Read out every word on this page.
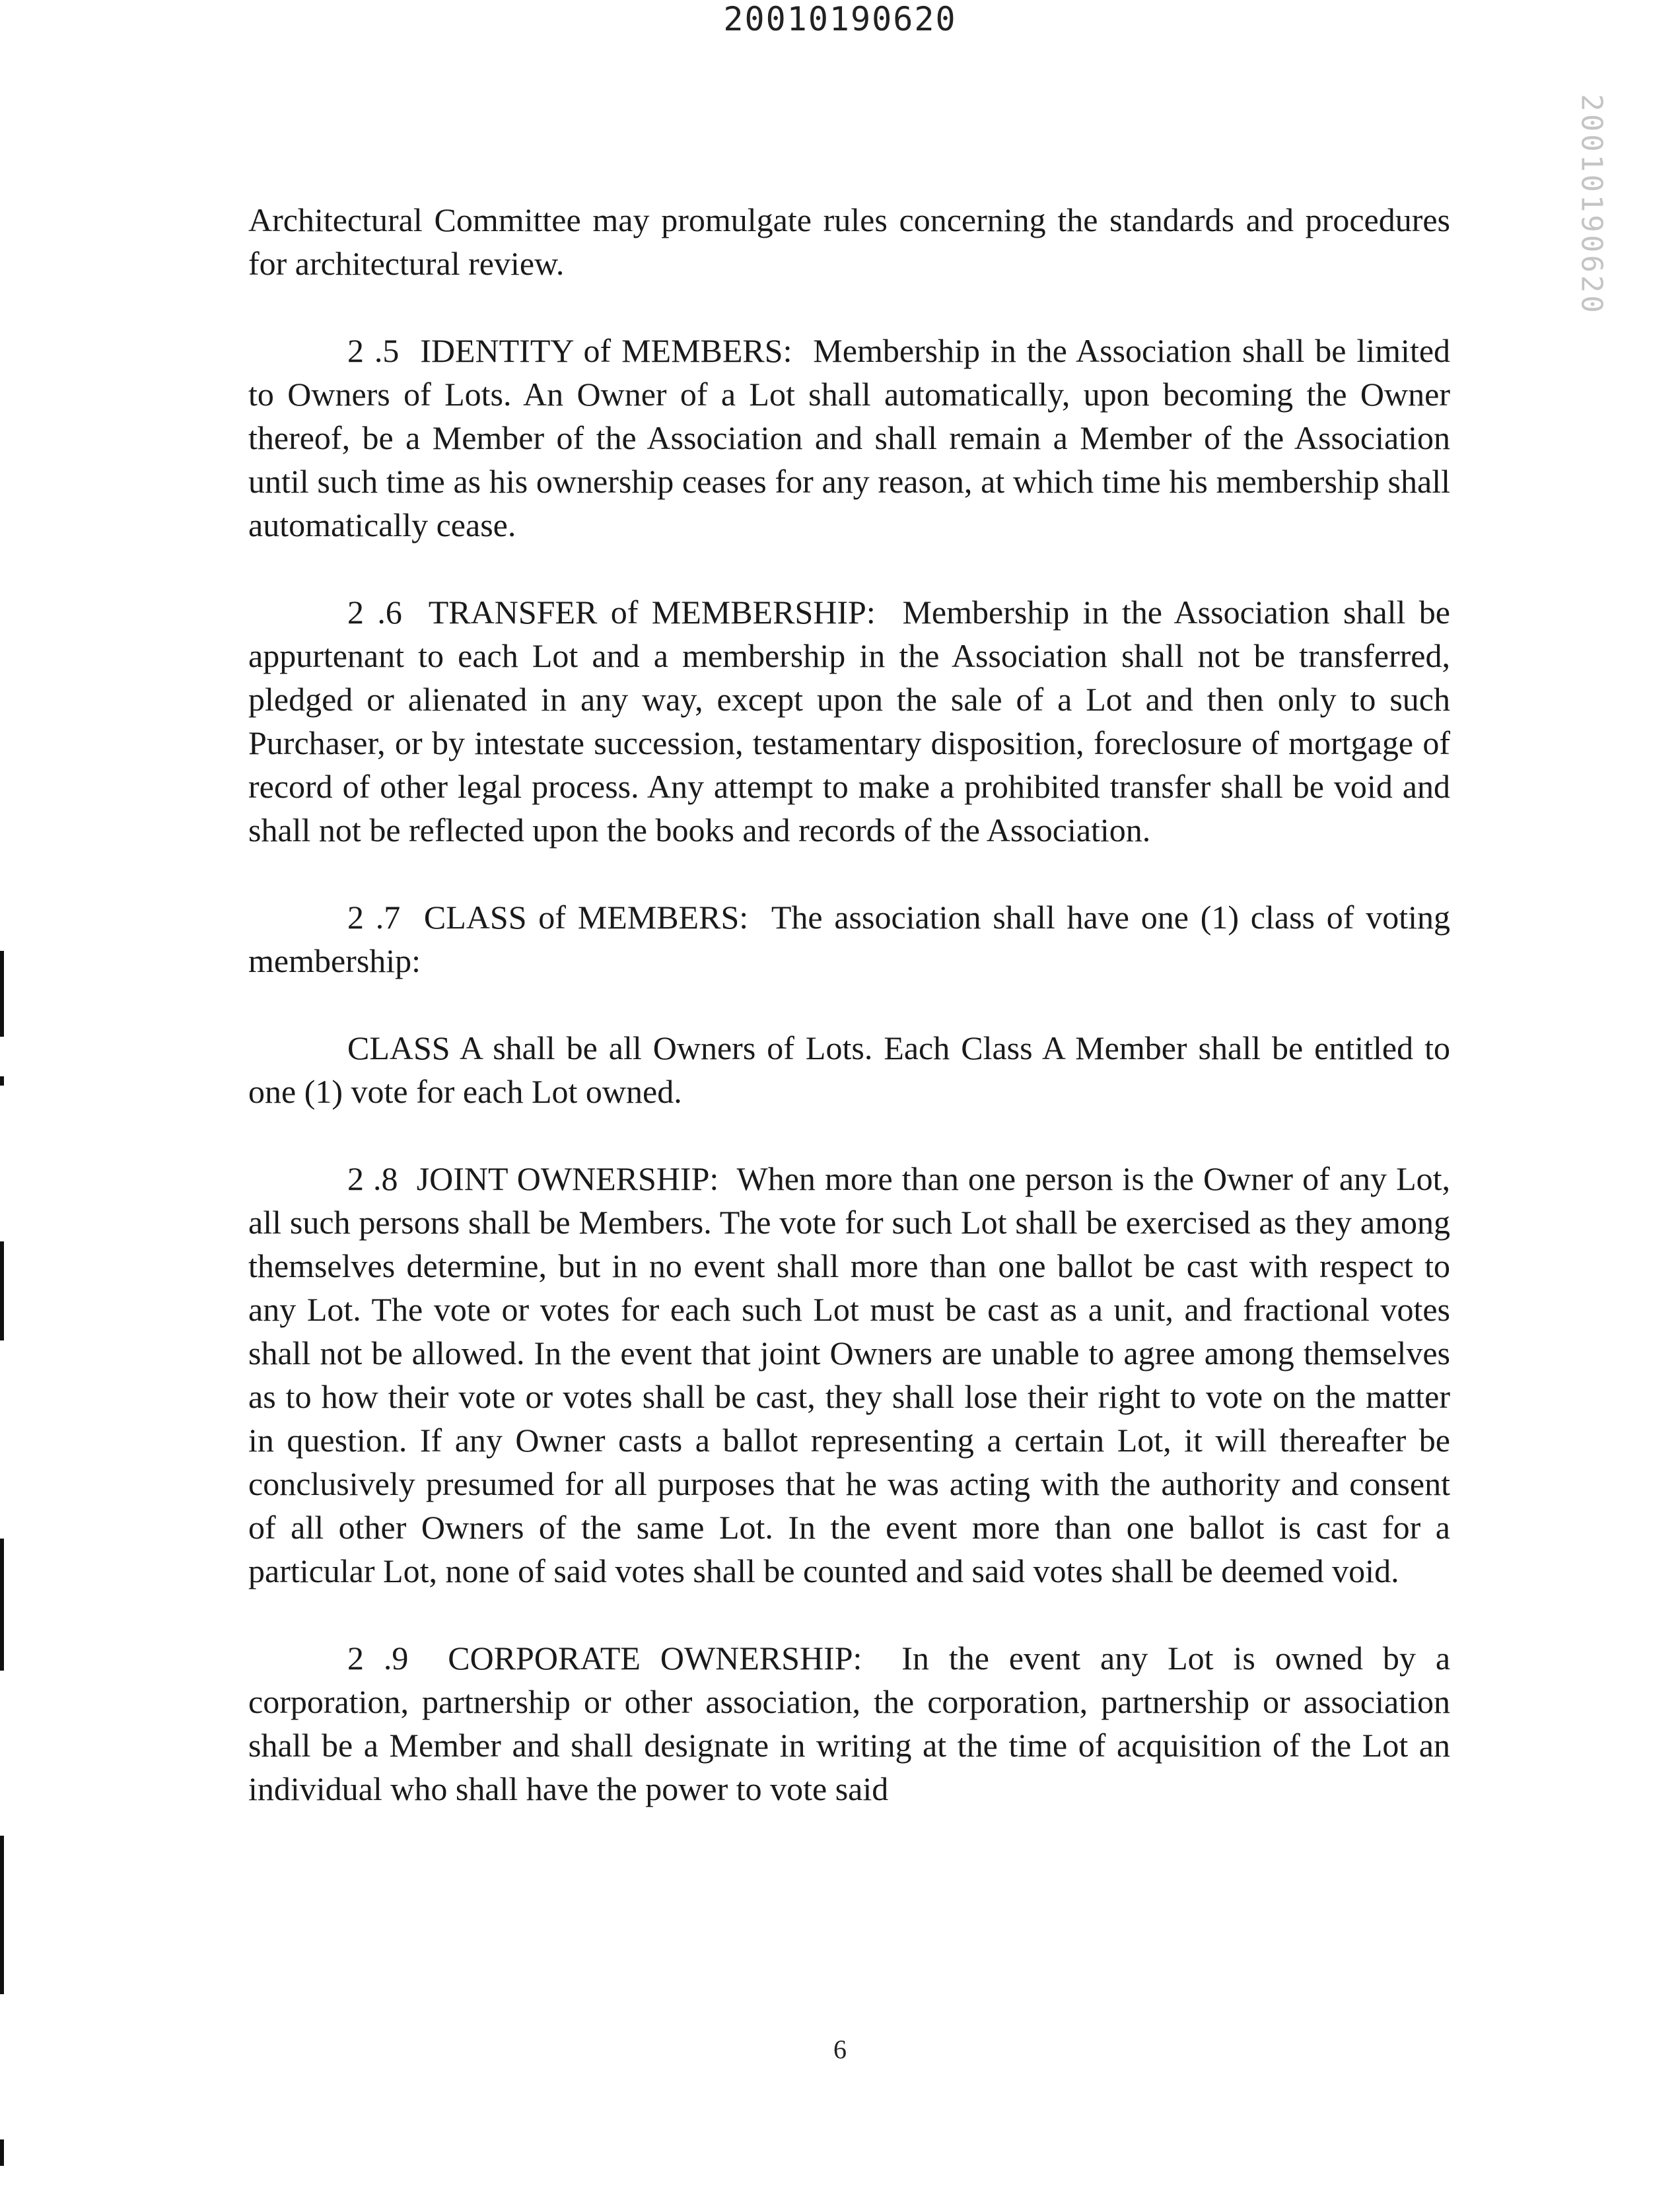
20010190620
20010190620

Architectural Committee may promulgate rules concerning the standards and procedures for architectural review.

2 .5 IDENTITY of MEMBERS: Membership in the Association shall be limited to Owners of Lots. An Owner of a Lot shall automatically, upon becoming the Owner thereof, be a Member of the Association and shall remain a Member of the Association until such time as his ownership ceases for any reason, at which time his membership shall automatically cease.

2 .6 TRANSFER of MEMBERSHIP: Membership in the Association shall be appurtenant to each Lot and a membership in the Association shall not be transferred, pledged or alienated in any way, except upon the sale of a Lot and then only to such Purchaser, or by intestate succession, testamentary disposition, foreclosure of mortgage of record of other legal process. Any attempt to make a prohibited transfer shall be void and shall not be reflected upon the books and records of the Association.

2 .7 CLASS of MEMBERS: The association shall have one (1) class of voting membership:

CLASS A shall be all Owners of Lots. Each Class A Member shall be entitled to one (1) vote for each Lot owned.

2 .8 JOINT OWNERSHIP: When more than one person is the Owner of any Lot, all such persons shall be Members. The vote for such Lot shall be exercised as they among themselves determine, but in no event shall more than one ballot be cast with respect to any Lot. The vote or votes for each such Lot must be cast as a unit, and fractional votes shall not be allowed. In the event that joint Owners are unable to agree among themselves as to how their vote or votes shall be cast, they shall lose their right to vote on the matter in question. If any Owner casts a ballot representing a certain Lot, it will thereafter be conclusively presumed for all purposes that he was acting with the authority and consent of all other Owners of the same Lot. In the event more than one ballot is cast for a particular Lot, none of said votes shall be counted and said votes shall be deemed void.

2 .9 CORPORATE OWNERSHIP: In the event any Lot is owned by a corporation, partnership or other association, the corporation, partnership or association shall be a Member and shall designate in writing at the time of acquisition of the Lot an individual who shall have the power to vote said

6
